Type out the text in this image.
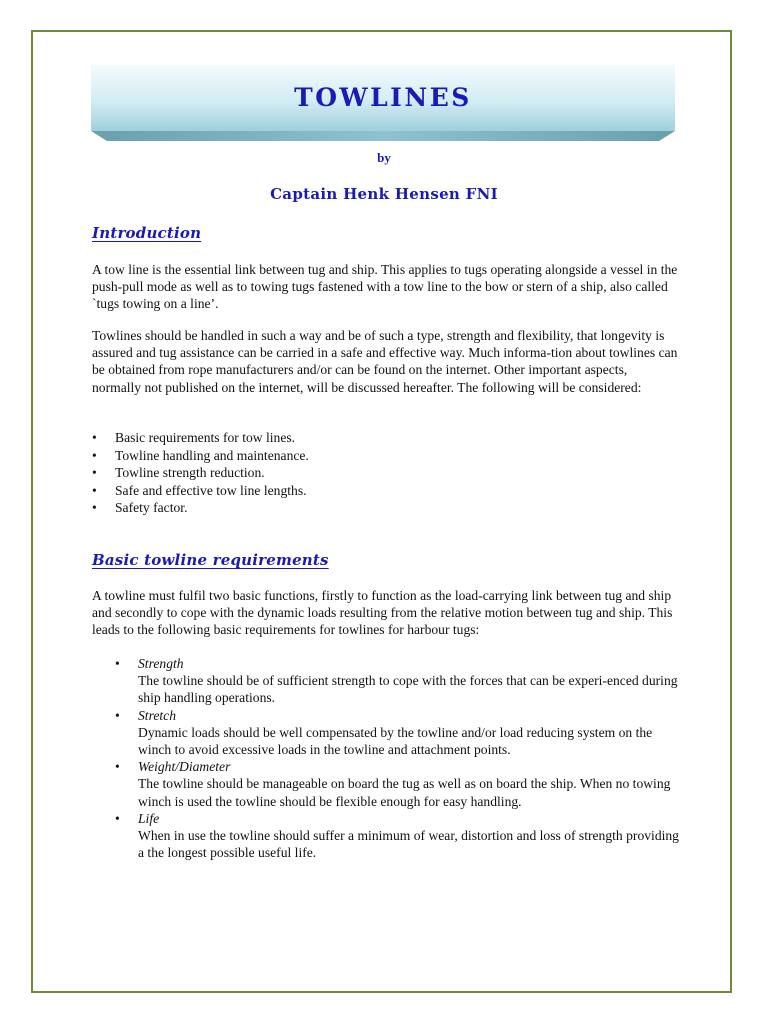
TOWLINES

by

Captain Henk Hensen FNI

Introduction

A tow line is the essential link between tug and ship. This applies to tugs operating alongside a vessel in the push-pull mode as well as to towing tugs fastened with a tow line to the bow or stern of a ship, also called `tugs towing on a line’.

Towlines should be handled in such a way and be of such a type, strength and flexibility, that longevity is assured and tug assistance can be carried in a safe and effective way. Much informa-tion about towlines can be obtained from rope manufacturers and/or can be found on the internet. Other important aspects, normally not published on the internet, will be discussed hereafter. The following will be considered:

• Basic requirements for tow lines.
• Towline handling and maintenance.
• Towline strength reduction.
• Safe and effective tow line lengths.
• Safety factor.
Basic towline requirements

A towline must fulfil two basic functions, firstly to function as the load-carrying link between tug and ship and secondly to cope with the dynamic loads resulting from the relative motion between tug and ship. This leads to the following basic requirements for towlines for harbour tugs:

• Strength
The towline should be of sufficient strength to cope with the forces that can be experi-enced during ship handling operations.
• Stretch
Dynamic loads should be well compensated by the towline and/or load reducing system on the winch to avoid excessive loads in the towline and attachment points.
• Weight/Diameter
The towline should be manageable on board the tug as well as on board the ship. When no towing winch is used the towline should be flexible enough for easy handling.
• Life
When in use the towline should suffer a minimum of wear, distortion and loss of strength providing a the longest possible useful life.
